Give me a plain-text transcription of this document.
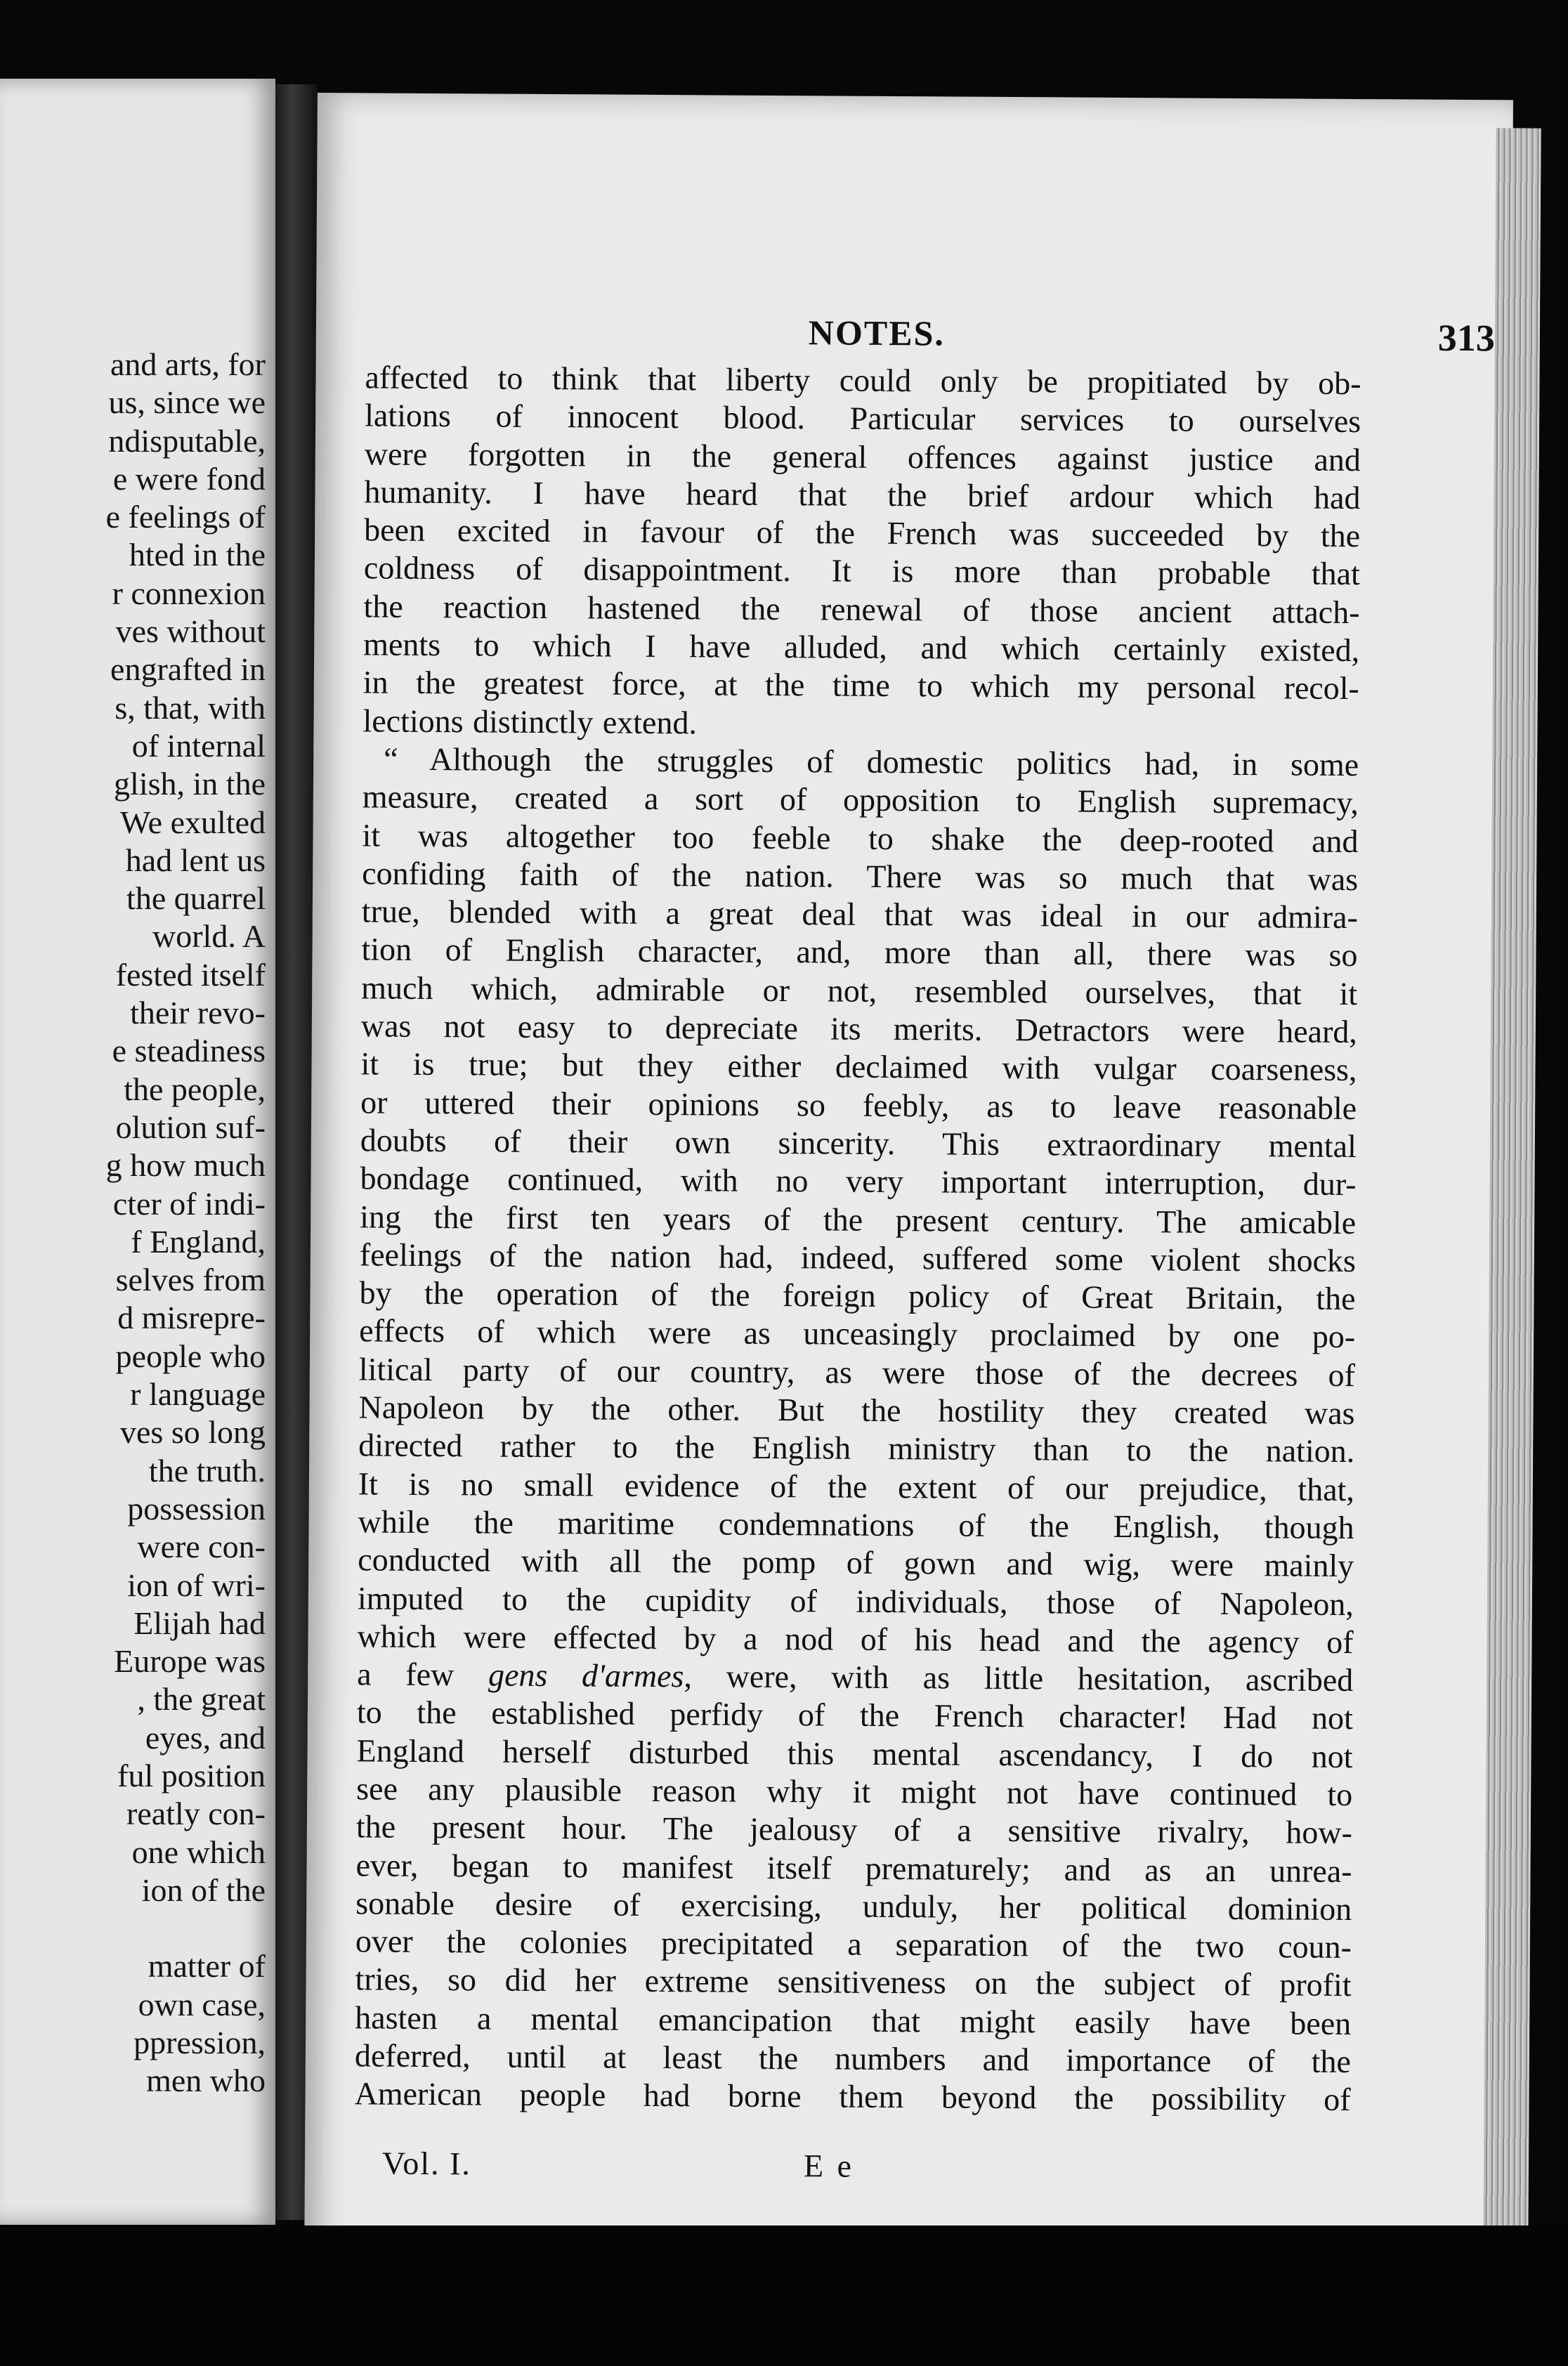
and arts, for
us, since we
ndisputable,
e were fond
e feelings of
hted in the
r connexion
ves without
engrafted in
s, that, with
of internal
glish, in the
We exulted
had lent us
the quarrel
world. A
fested itself
their revo-
e steadiness
the people,
olution suf-
g how much
cter of indi-
f England,
selves from
d misrepre-
people who
r language
ves so long
the truth.
possession
were con-
ion of wri-
Elijah had
Europe was
, the great
eyes, and
ful position
reatly con-
one which
ion of the
matter of
own case,
ppression,
men who
NOTES.	313
affected to think that liberty could only be propitiated by ob-
lations of innocent blood. Particular services to ourselves
were forgotten in the general offences against justice and
humanity. I have heard that the brief ardour which had
been excited in favour of the French was succeeded by the
coldness of disappointment. It is more than probable that
the reaction hastened the renewal of those ancient attach-
ments to which I have alluded, and which certainly existed,
in the greatest force, at the time to which my personal recol-
lections distinctly extend.
“ Although the struggles of domestic politics had, in some
measure, created a sort of opposition to English supremacy,
it was altogether too feeble to shake the deep-rooted and
confiding faith of the nation. There was so much that was
true, blended with a great deal that was ideal in our admira-
tion of English character, and, more than all, there was so
much which, admirable or not, resembled ourselves, that it
was not easy to depreciate its merits. Detractors were heard,
it is true; but they either declaimed with vulgar coarseness,
or uttered their opinions so feebly, as to leave reasonable
doubts of their own sincerity. This extraordinary mental
bondage continued, with no very important interruption, dur-
ing the first ten years of the present century. The amicable
feelings of the nation had, indeed, suffered some violent shocks
by the operation of the foreign policy of Great Britain, the
effects of which were as unceasingly proclaimed by one po-
litical party of our country, as were those of the decrees of
Napoleon by the other. But the hostility they created was
directed rather to the English ministry than to the nation.
It is no small evidence of the extent of our prejudice, that,
while the maritime condemnations of the English, though
conducted with all the pomp of gown and wig, were mainly
imputed to the cupidity of individuals, those of Napoleon,
which were effected by a nod of his head and the agency of
a few gens d'armes, were, with as little hesitation, ascribed
to the established perfidy of the French character! Had not
England herself disturbed this mental ascendancy, I do not
see any plausible reason why it might not have continued to
the present hour. The jealousy of a sensitive rivalry, how-
ever, began to manifest itself prematurely; and as an unrea-
sonable desire of exercising, unduly, her political dominion
over the colonies precipitated a separation of the two coun-
tries, so did her extreme sensitiveness on the subject of profit
hasten a mental emancipation that might easily have been
deferred, until at least the numbers and importance of the
American people had borne them beyond the possibility of
Vol. I.	E e
